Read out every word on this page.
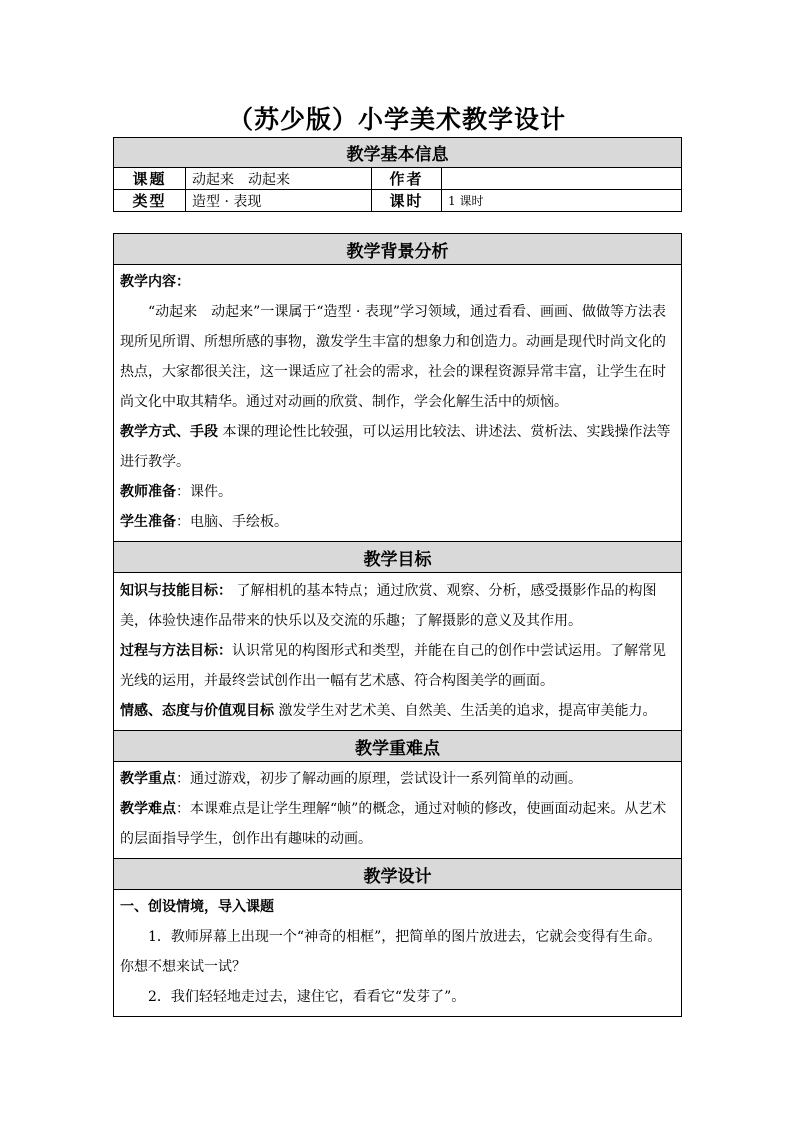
（苏少版）小学美术教学设计
教学基本信息			
课题	动起来　动起来	作者	
类型	造型 · 表现	课时	1 课时
教学背景分析

教学内容：

“动起来　动起来”一课属于“造型 · 表现”学习领域，通过看看、画画、做做等方法表现所见所谓、所想所感的事物，激发学生丰富的想象力和创造力。动画是现代时尚文化的热点，大家都很关注，这一课适应了社会的需求，社会的课程资源异常丰富，让学生在时尚文化中取其精华。通过对动画的欣赏、制作，学会化解生活中的烦恼。

教学方式、手段 本课的理论性比较强，可以运用比较法、讲述法、赏析法、实践操作法等进行教学。

教师准备：课件。

学生准备：电脑、手绘板。

教学目标

知识与技能目标： 了解相机的基本特点；通过欣赏、观察、分析，感受摄影作品的构图美，体验快速作品带来的快乐以及交流的乐趣；了解摄影的意义及其作用。

过程与方法目标：认识常见的构图形式和类型，并能在自己的创作中尝试运用。了解常见光线的运用，并最终尝试创作出一幅有艺术感、符合构图美学的画面。

情感、态度与价值观目标 激发学生对艺术美、自然美、生活美的追求，提高审美能力。

教学重难点

教学重点：通过游戏，初步了解动画的原理，尝试设计一系列简单的动画。

教学难点：本课难点是让学生理解“帧”的概念，通过对帧的修改，使画面动起来。从艺术的层面指导学生，创作出有趣味的动画。

教学设计

一、创设情境，导入课题

1．教师屏幕上出现一个“神奇的相框”，把简单的图片放进去，它就会变得有生命。你想不想来试一试？

2．我们轻轻地走过去，逮住它，看看它“发芽了”。
